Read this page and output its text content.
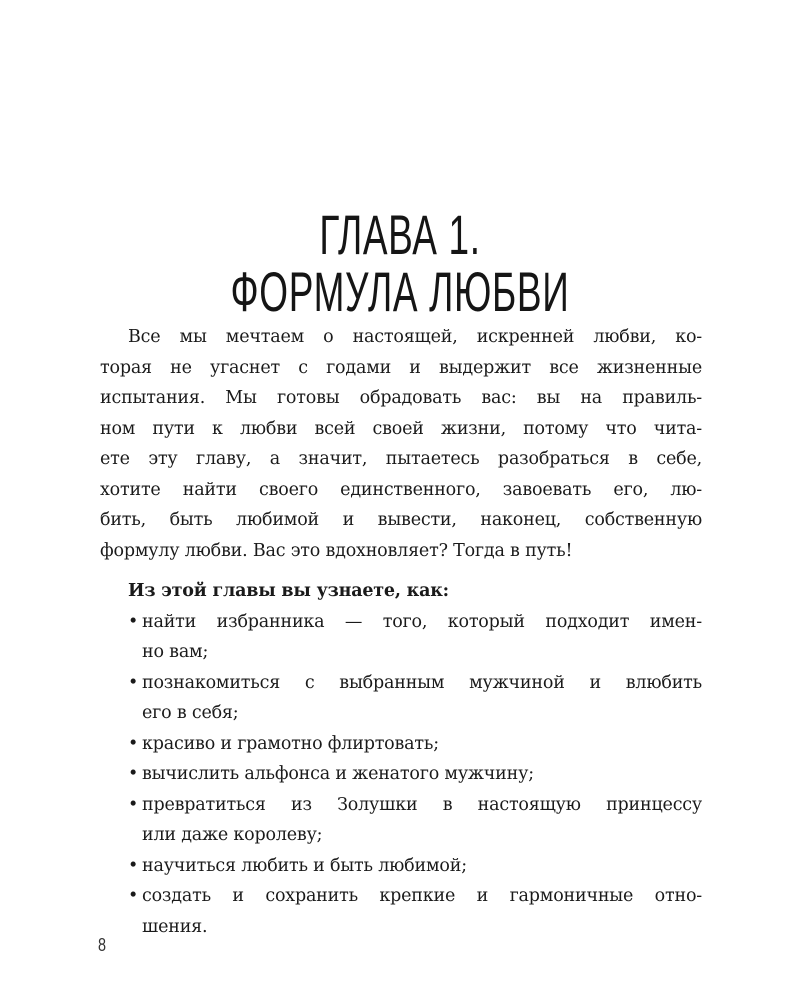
ГЛАВА 1.
ФОРМУЛА ЛЮБВИ
Все мы мечтаем о настоящей, искренней любви, ко-
торая не угаснет с годами и выдержит все жизненные
испытания. Мы готовы обрадовать вас: вы на правиль-
ном пути к любви всей своей жизни, потому что чита-
ете эту главу, а значит, пытаетесь разобраться в себе,
хотите найти своего единственного, завоевать его, лю-
бить, быть любимой и вывести, наконец, собственную
формулу любви. Вас это вдохновляет? Тогда в путь!
Из этой главы вы узнаете, как:
• найти избранника — того, который подходит имен-
но вам;
• познакомиться с выбранным мужчиной и влюбить
его в себя;
• красиво и грамотно флиртовать;
• вычислить альфонса и женатого мужчину;
• превратиться из Золушки в настоящую принцессу
или даже королеву;
• научиться любить и быть любимой;
• создать и сохранить крепкие и гармоничные отно-
шения.
8
